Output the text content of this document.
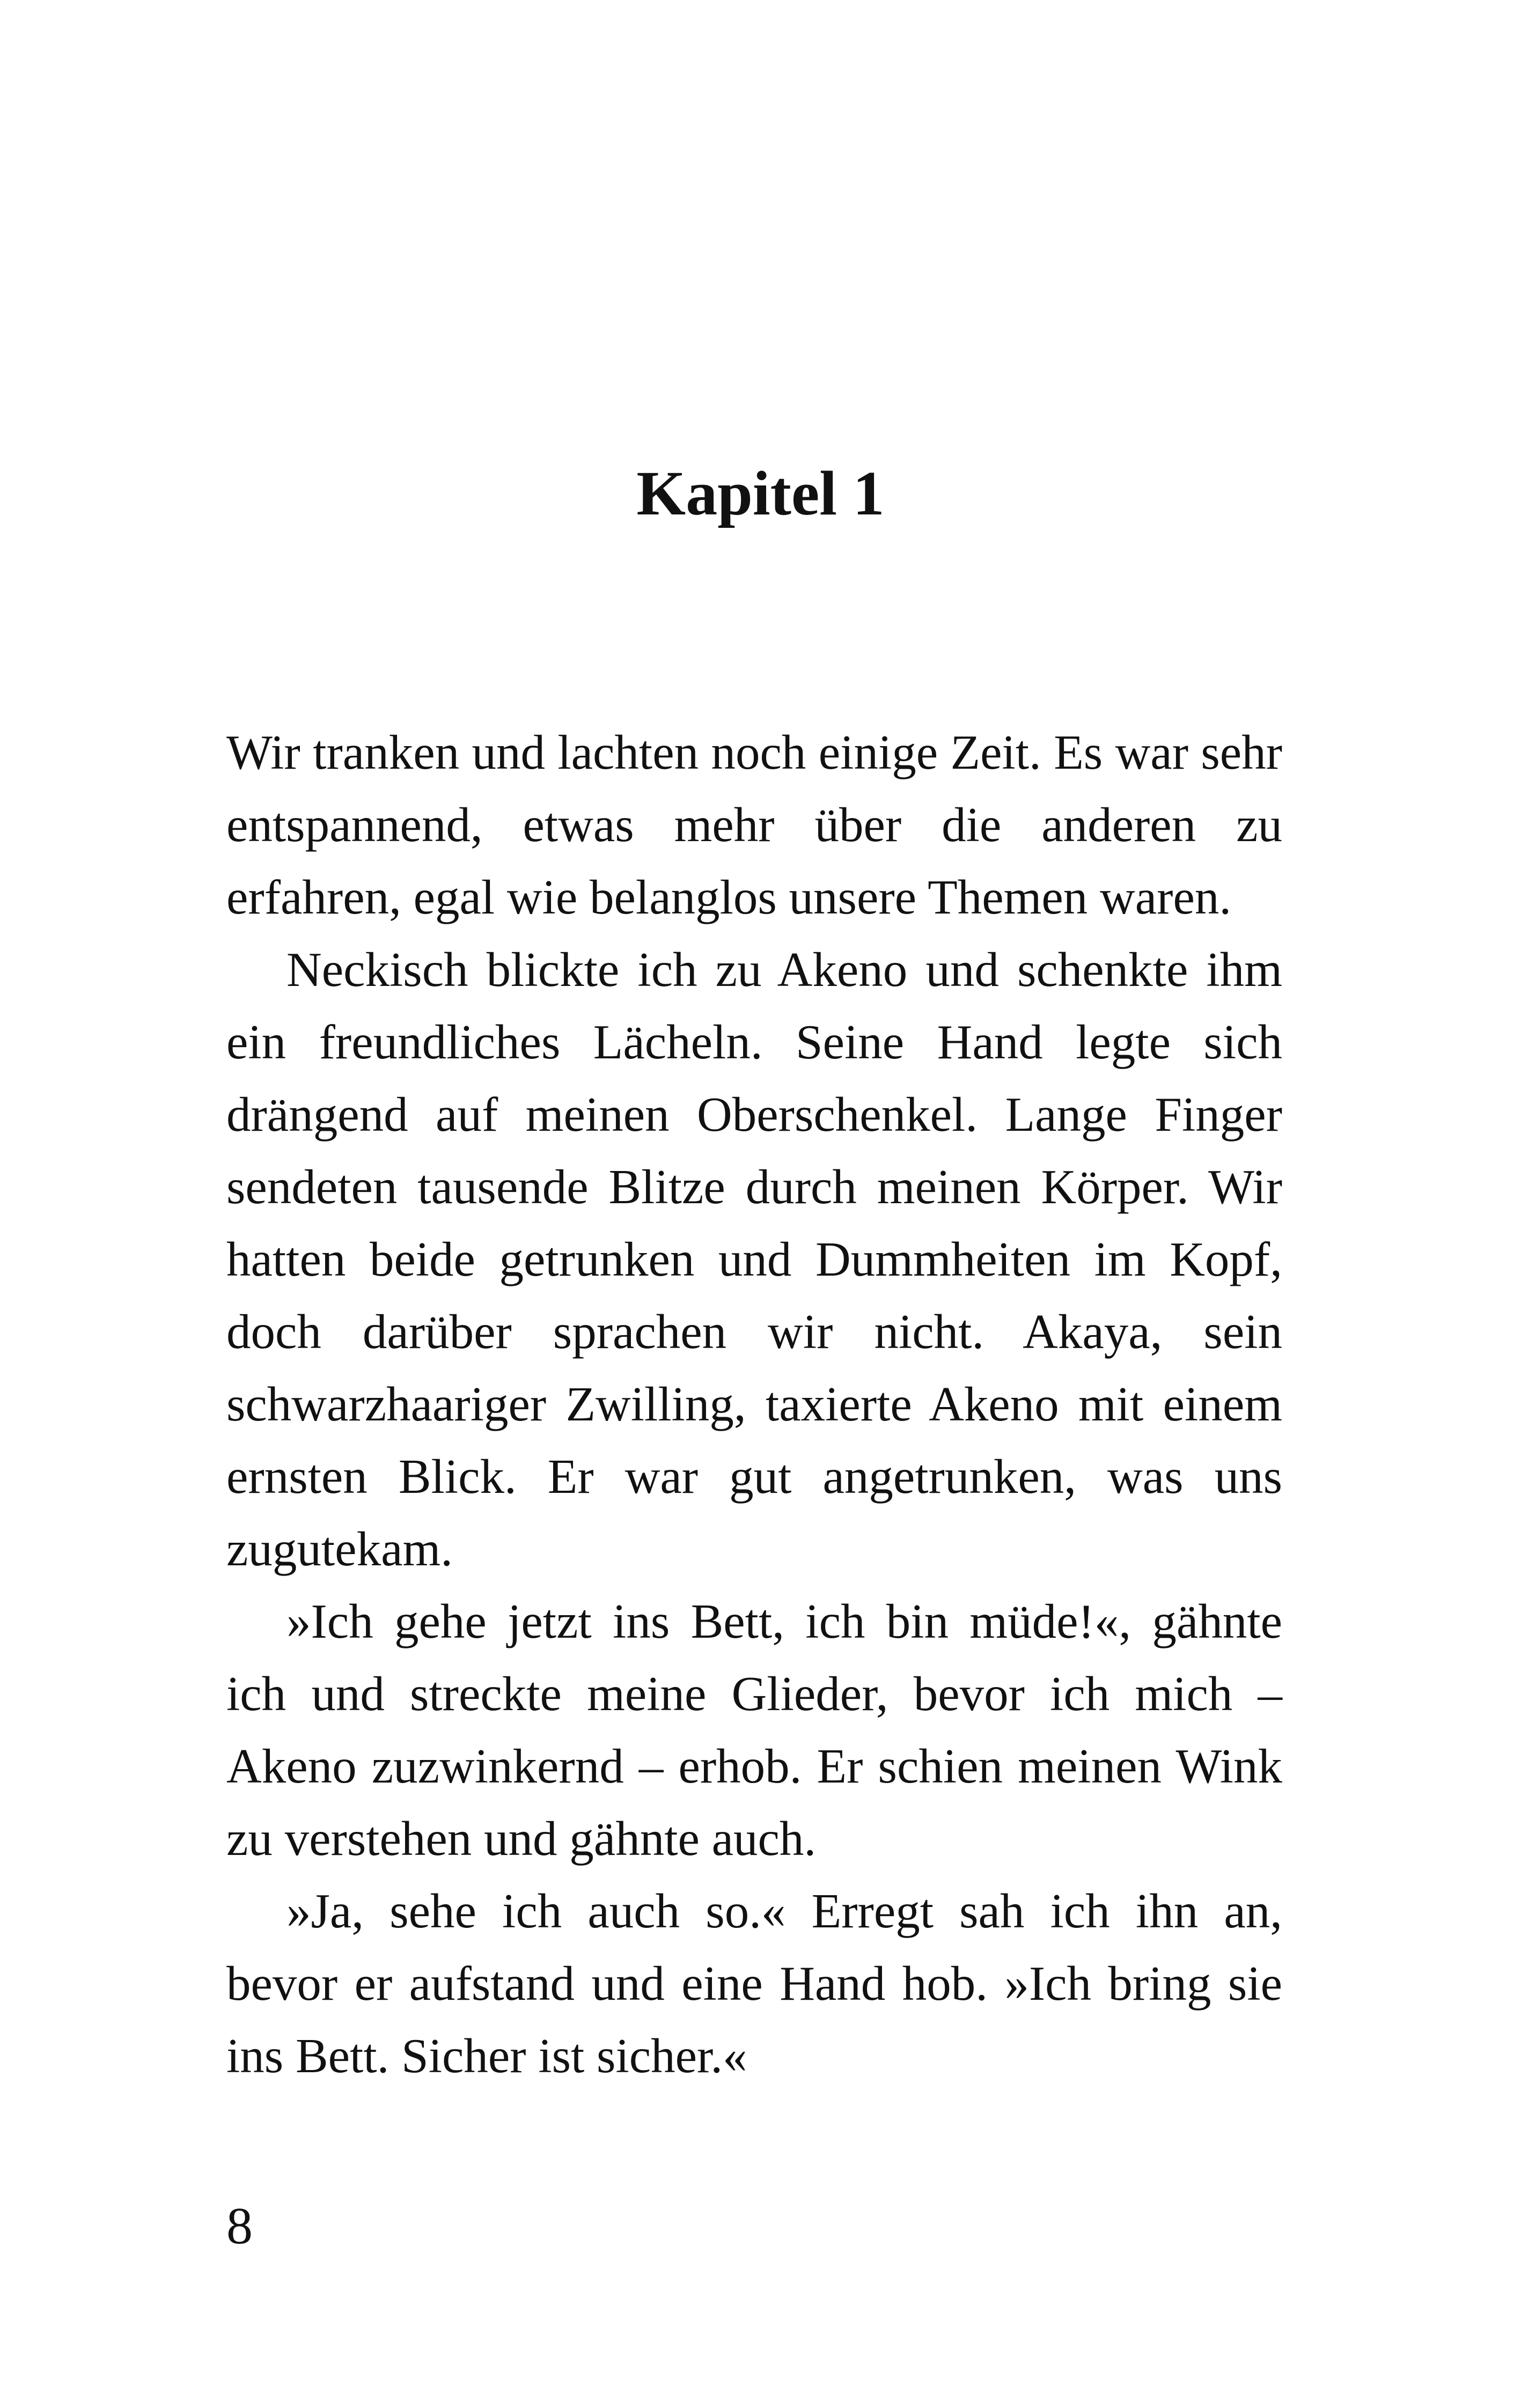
Kapitel 1

Wir tranken und lachten noch einige Zeit. Es war sehr entspannend, etwas mehr über die anderen zu erfahren, egal wie belanglos unsere Themen waren.

Neckisch blickte ich zu Akeno und schenkte ihm ein freundliches Lächeln. Seine Hand legte sich drängend auf meinen Oberschenkel. Lange Finger sendeten tausende Blitze durch meinen Körper. Wir hatten beide getrunken und Dummheiten im Kopf, doch darüber sprachen wir nicht. Akaya, sein schwarzhaariger Zwilling, taxierte Akeno mit einem ernsten Blick. Er war gut angetrunken, was uns zugutekam.

»Ich gehe jetzt ins Bett, ich bin müde!«, gähnte ich und streckte meine Glieder, bevor ich mich – Akeno zuzwinkernd – erhob. Er schien meinen Wink zu verstehen und gähnte auch.

»Ja, sehe ich auch so.« Erregt sah ich ihn an, bevor er aufstand und eine Hand hob. »Ich bring sie ins Bett. Sicher ist sicher.«

8
